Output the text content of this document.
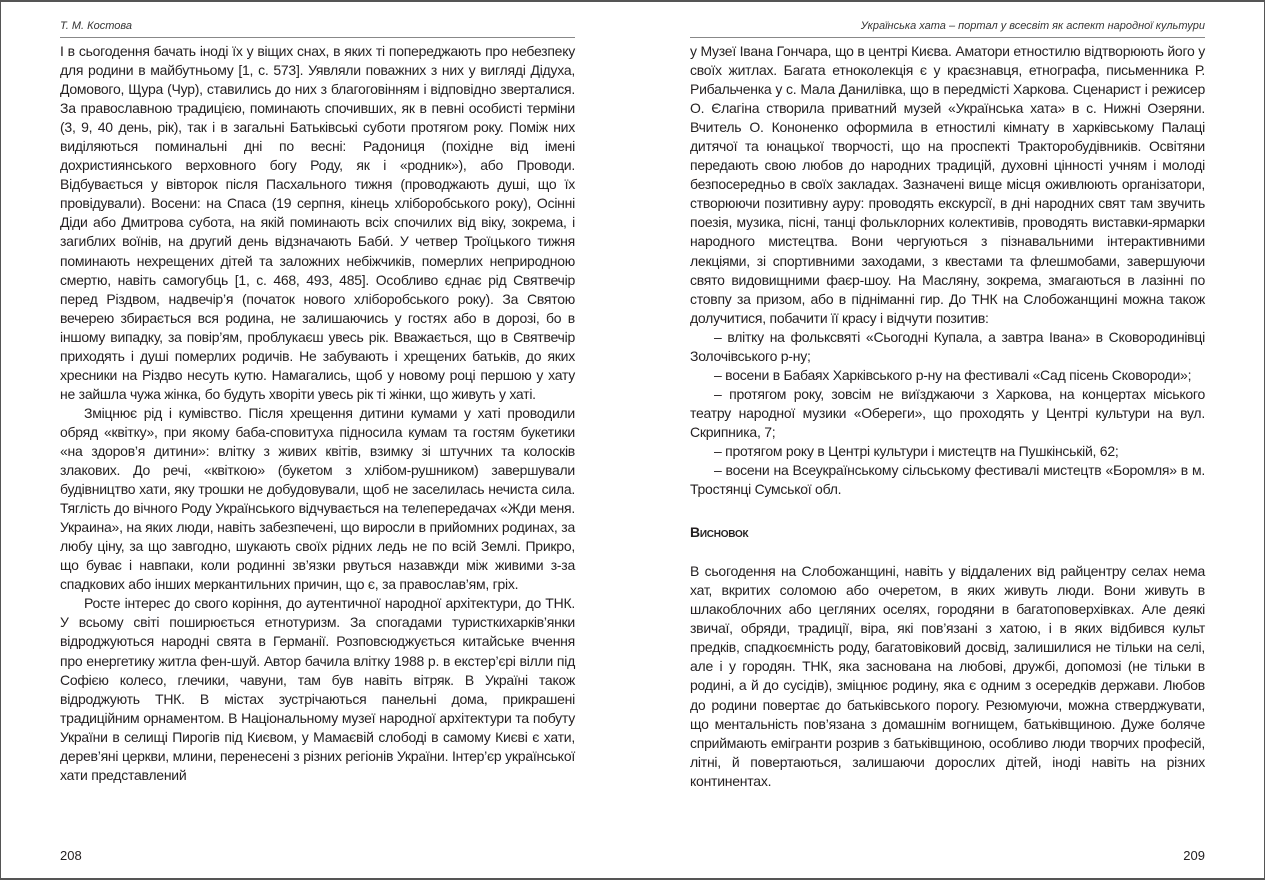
Т. М. Костова

І в сьогодення бачать іноді їх у віщих снах, в яких ті попереджають про небезпеку для родини в майбутньому [1, с. 573]. Уявляли поважних з них у вигляді Дідуха, Домового, Щура (Чур), ставились до них з благоговінням і відповідно зверталися. За православною традицією, поминають спочивших, як в певні особисті терміни (3, 9, 40 день, рік), так і в загальні Батьківські суботи протягом року. Поміж них виділяються поминальні дні по весні: Радониця (похідне від імені дохристиянського верховного богу Роду, як і «родник»), або Проводи. Відбувається у вівторок після Пасхального тижня (проводжають душі, що їх провідували). Восени: на Спаса (19 серпня, кінець хліборобського року), Осінні Діди або Дмитрова субота, на якій поминають всіх спочилих від віку, зокрема, і загиблих воїнів, на другий день відзначають Баби́. У четвер Троїцького тижня поминають нехрещених дітей та заложних небіжчиків, померлих неприродною смертю, навіть самогубць [1, с. 468, 493, 485]. Особливо єднає рід Святвечір перед Різдвом, надвечір’я (початок нового хліборобського року). За Святою вечерею збирається вся родина, не залишаючись у гостях або в дорозі, бо в іншому випадку, за повір’ям, проблукаєш увесь рік. Вважається, що в Святвечір приходять і душі померлих родичів. Не забувають і хрещених батьків, до яких хресники на Різдво несуть кутю. Намагались, щоб у новому році першою у хату не зайшла чужа жінка, бо будуть хворіти увесь рік ті жінки, що живуть у хаті.

Зміцнює рід і кумівство. Після хрещення дитини кумами у хаті проводили обряд «квітку», при якому баба-сповитуха підносила кумам та гостям букетики «на здоров’я дитини»: влітку з живих квітів, взимку зі штучних та колосків злакових. До речі, «квіткою» (букетом з хлібом-рушником) завершували будівництво хати, яку трошки не добудовували, щоб не заселилась нечиста сила. Тяглість до вічного Роду Українського відчувається на телепередачах «Жди меня. Украина», на яких люди, навіть забезпечені, що виросли в прийомних родинах, за любу ціну, за що завгодно, шукають своїх рідних ледь не по всій Землі. Прикро, що буває і навпаки, коли родинні зв’язки рвуться назавжди між живими з-за спадкових або інших меркантильних причин, що є, за православ’ям, гріх.

Росте інтерес до свого коріння, до аутентичної народної архітектури, до ТНК. У всьому світі поширюється етнотуризм. За спогадами туристкихарків’янки відроджуються народні свята в Германії. Розповсюджується китайське вчення про енергетику житла фен-шуй. Автор бачила влітку 1988 р. в екстер’єрі вілли під Софією колесо, глечики, чавуни, там був навіть вітряк. В Україні також відроджують ТНК. В містах зустрічаються панельні дома, прикрашені традиційним орнаментом. В Національному музеї народної архітектури та побуту України в селищі Пирогів під Києвом, у Мамаєвій слободі в самому Києві є хати, дерев’яні церкви, млини, перенесені з різних регіонів України. Інтер’єр української хати представлений

208
Українська хата – портал у всесвіт як аспект народної культури

у Музеї Івана Гончара, що в центрі Києва. Аматори етностилю відтворюють його у своїх житлах. Багата етноколекція є у краєзнавця, етнографа, письменника Р. Рибальченка у с. Мала Данилівка, що в передмісті Харкова. Сценарист і режисер О. Єлагіна створила приватний музей «Українська хата» в с. Нижні Озеряни. Вчитель О. Кононенко оформила в етностилі кімнату в харківському Палаці дитячої та юнацької творчості, що на проспекті Тракторобудівників. Освітяни передають свою любов до народних традицій, духовні цінності учням і молоді безпосередньо в своїх закладах. Зазначені вище місця оживлюють організатори, створюючи позитивну ауру: проводять екскурсії, в дні народних свят там звучить поезія, музика, пісні, танці фольклорних колективів, проводять виставки-ярмарки народного мистецтва. Вони чергуються з пізнавальними інтерактивними лекціями, зі спортивними заходами, з квестами та флешмобами, завершуючи свято видовищними фаєр-шоу. На Масляну, зокрема, змагаються в лазінні по стовпу за призом, або в підніманні гир. До ТНК на Слобожанщині можна також долучитися, побачити її красу і відчути позитив:

– влітку на фольксвяті «Сьогодні Купала, а завтра Івана» в Сковородинівці Золочівського р-ну;

– восени в Бабаях Харківського р-ну на фестивалі «Сад пісень Сковороди»;

– протягом року, зовсім не виїзджаючи з Харкова, на концертах міського театру народної музики «Обереги», що проходять у Центрі культури на вул. Скрипника, 7;

– протягом року в Центрі культури і мистецтв на Пушкінській, 62;

– восени на Всеукраїнському сільському фестивалі мистецтв «Боромля» в м. Тростянці Сумської обл.

Висновок

В сьогодення на Слобожанщині, навіть у віддалених від райцентру селах нема хат, вкритих соломою або очеретом, в яких живуть люди. Вони живуть в шлакоблочних або цегляних оселях, городяни в багатоповерхівках. Але деякі звичаї, обряди, традиції, віра, які пов’язані з хатою, і в яких відбився культ предків, спадкоємність роду, багатовіковий досвід, залишилися не тільки на селі, але і у городян. ТНК, яка заснована на любові, дружбі, допомозі (не тільки в родині, а й до сусідів), зміцнює родину, яка є одним з осередків держави. Любов до родини повертає до батьківського порогу. Резюмуючи, можна стверджувати, що ментальність пов’язана з домашнім вогнищем, батьківщиною. Дуже боляче сприймають емігранти розрив з батьківщиною, особливо люди творчих професій, літні, й повертаються, залишаючи дорослих дітей, іноді навіть на різних континентах.

209
